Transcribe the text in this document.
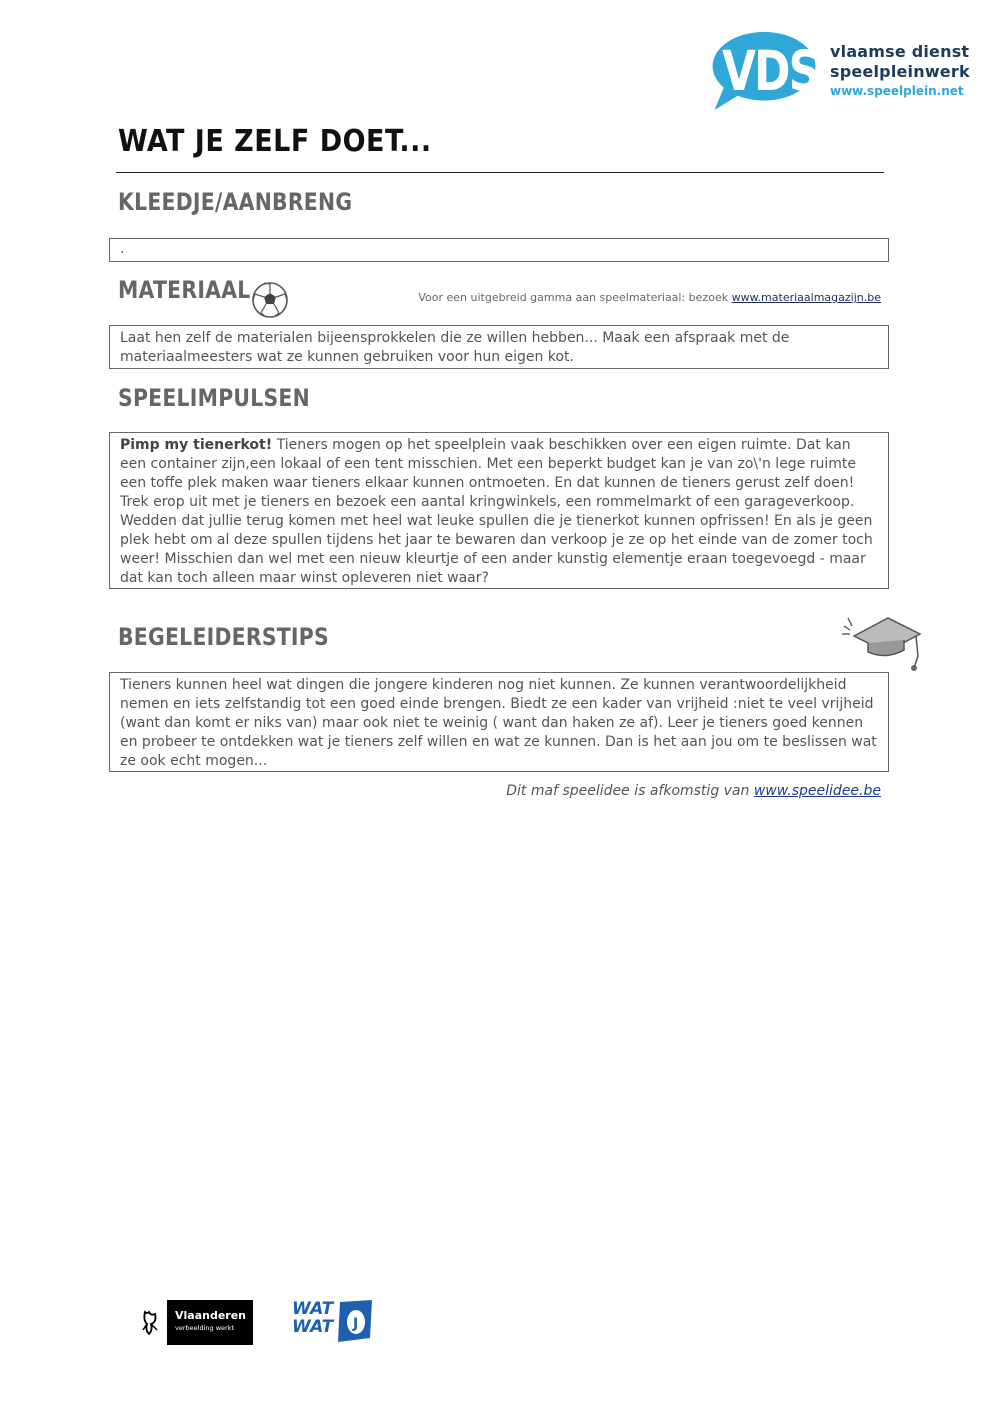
VDS vlaamse dienst
speelpleinwerk
www.speelplein.net
WAT JE ZELF DOET...
KLEEDJE/AANBRENG

.

MATERIAAL	Voor een uitgebreid gamma aan speelmateriaal: bezoek www.materiaalmagazijn.be

Laat hen zelf de materialen bijeensprokkelen die ze willen hebben... Maak een afspraak met de materiaalmeesters wat ze kunnen gebruiken voor hun eigen kot.

SPEELIMPULSEN

Pimp my tienerkot! Tieners mogen op het speelplein vaak beschikken over een eigen ruimte. Dat kan een container zijn,een lokaal of een tent misschien. Met een beperkt budget kan je van zo\'n lege ruimte een toffe plek maken waar tieners elkaar kunnen ontmoeten. En dat kunnen de tieners gerust zelf doen!

Trek erop uit met je tieners en bezoek een aantal kringwinkels, een rommelmarkt of een garageverkoop. Wedden dat jullie terug komen met heel wat leuke spullen die je tienerkot kunnen opfrissen! En als je geen plek hebt om al deze spullen tijdens het jaar te bewaren dan verkoop je ze op het einde van de zomer toch weer! Misschien dan wel met een nieuw kleurtje of een ander kunstig elementje eraan toegevoegd - maar dat kan toch alleen maar winst opleveren niet waar?

BEGELEIDERSTIPS

Tieners kunnen heel wat dingen die jongere kinderen nog niet kunnen. Ze kunnen verantwoordelijkheid nemen en iets zelfstandig tot een goed einde brengen. Biedt ze een kader van vrijheid :niet te veel vrijheid (want dan komt er niks van) maar ook niet te weinig ( want dan haken ze af). Leer je tieners goed kennen en probeer te ontdekken wat je tieners zelf willen en wat ze kunnen. Dan is het aan jou om te beslissen wat ze ook echt mogen...

Dit maf speelidee is afkomstig van www.speelidee.be
Vlaanderen
verbeelding werkt	J
WAT
WAT
